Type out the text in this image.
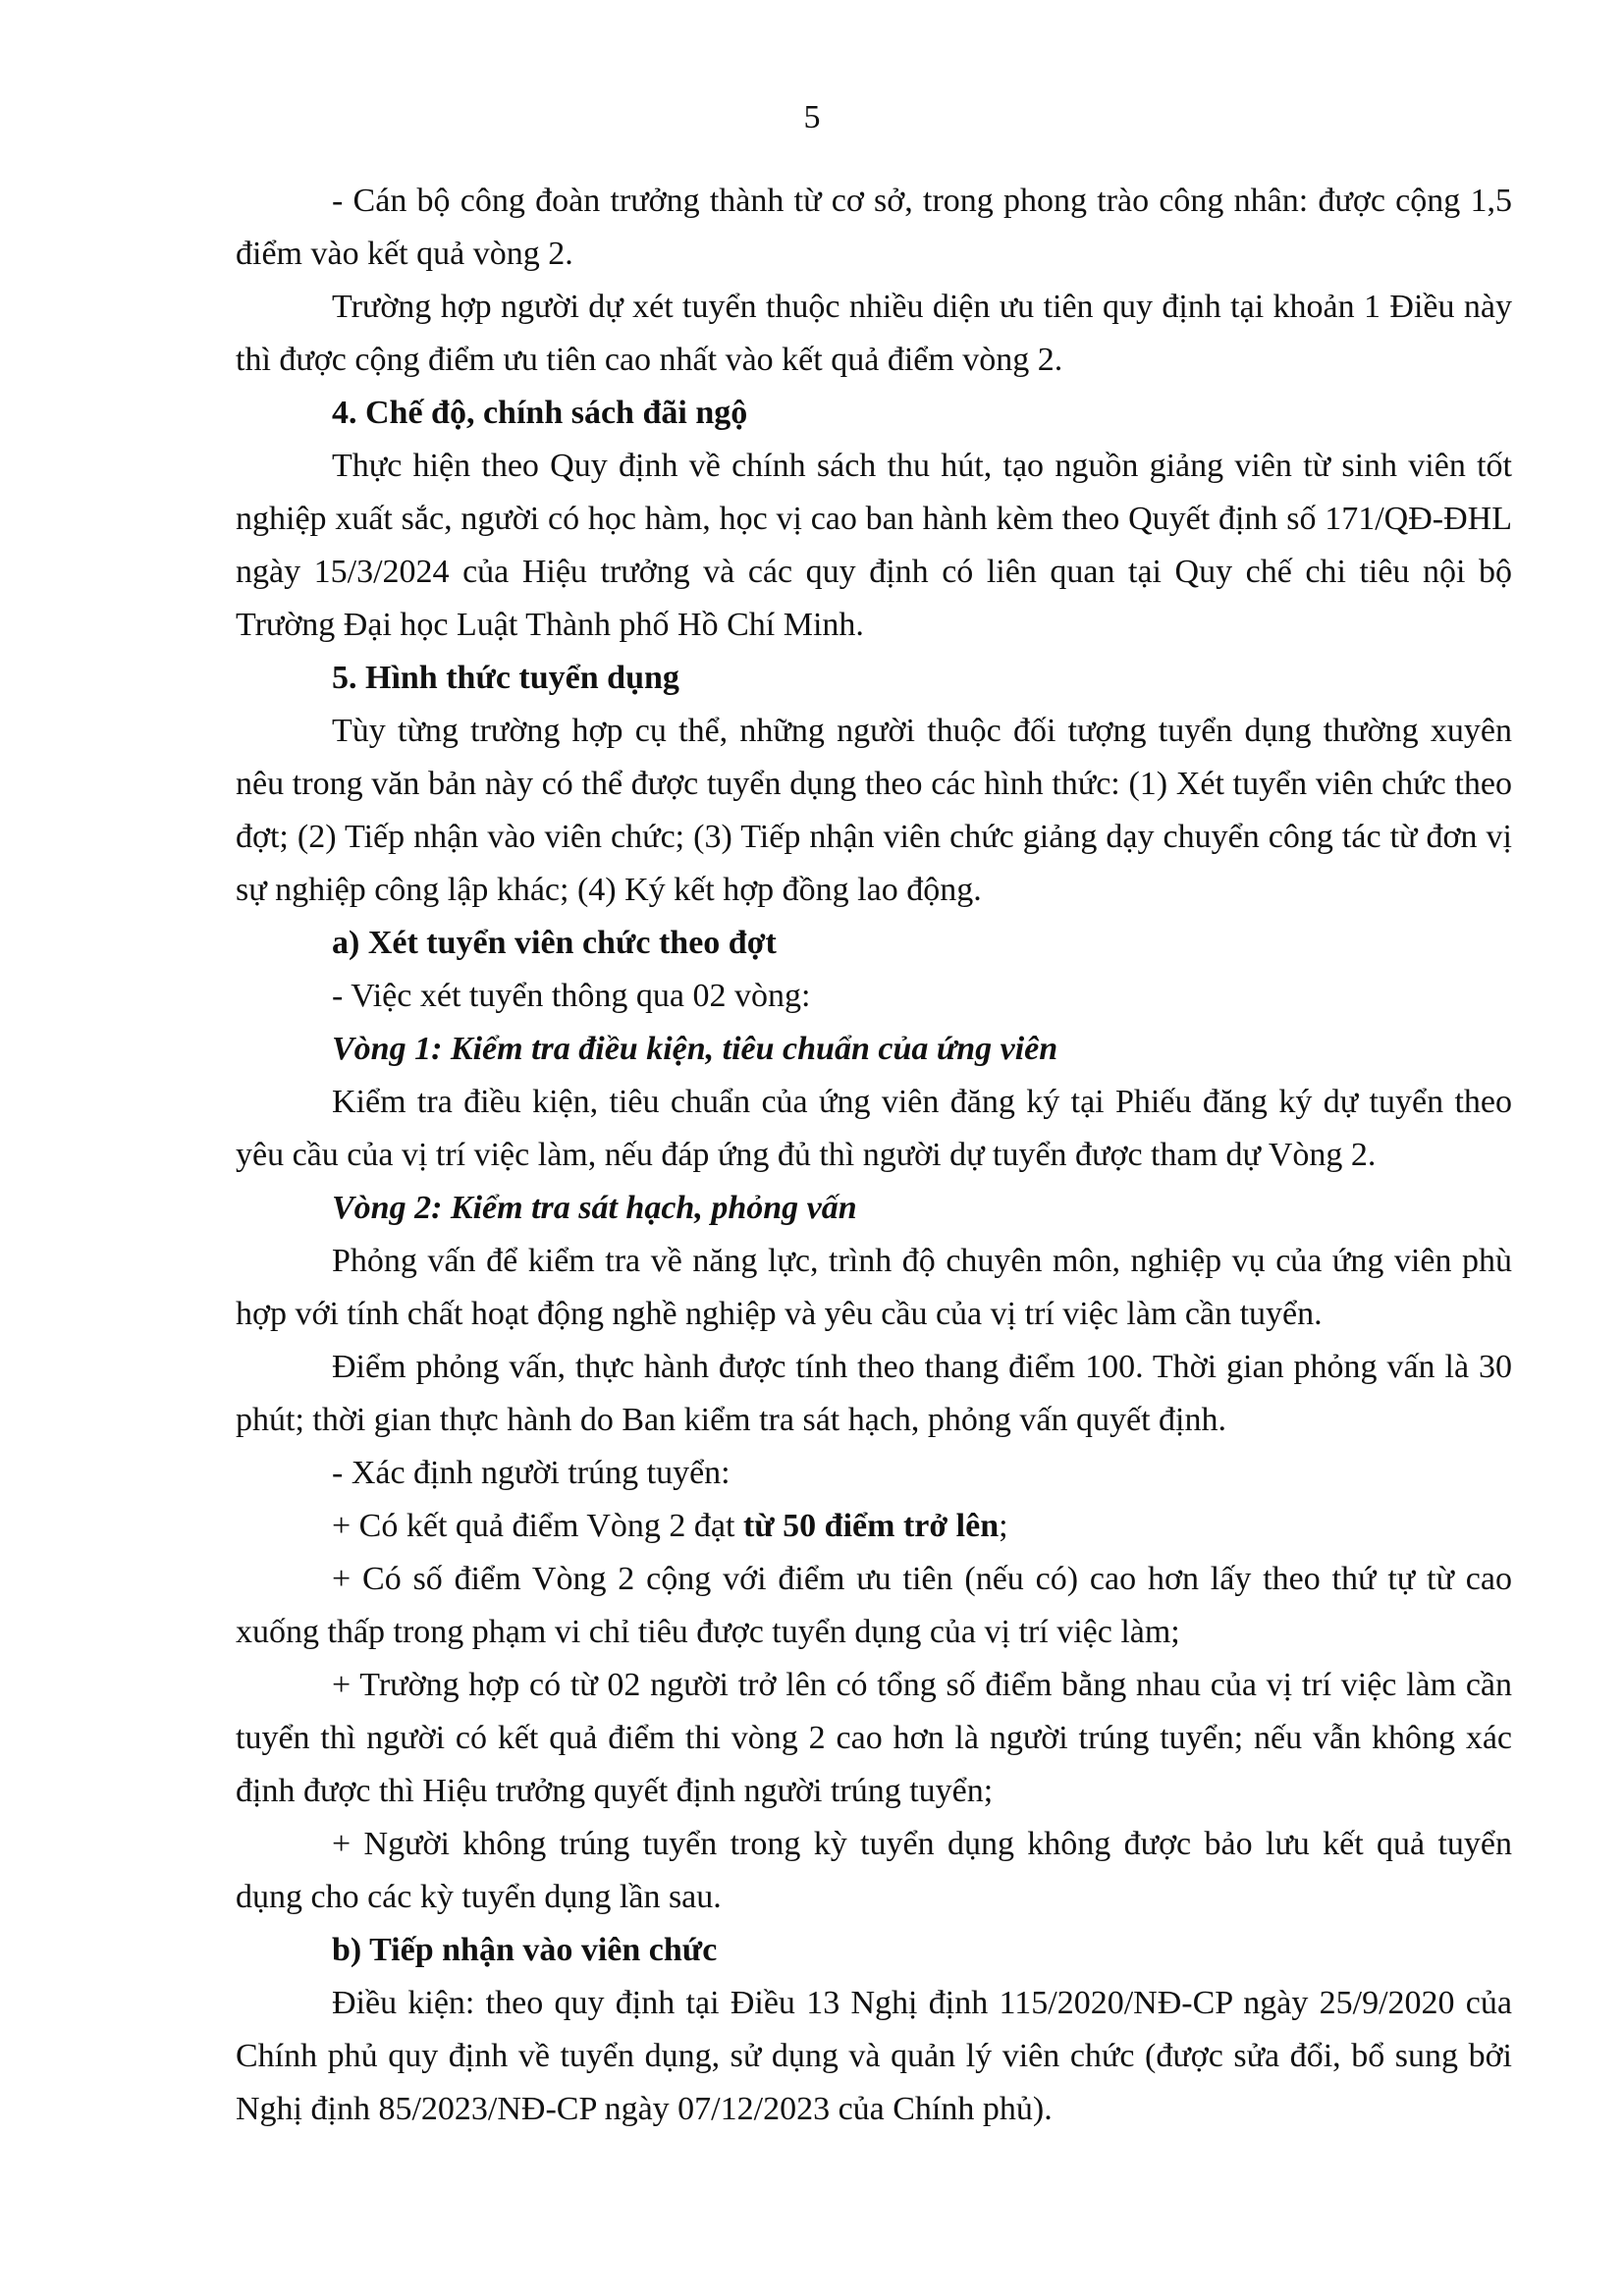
5

- Cán bộ công đoàn trưởng thành từ cơ sở, trong phong trào công nhân: được cộng 1,5 điểm vào kết quả vòng 2.

Trường hợp người dự xét tuyển thuộc nhiều diện ưu tiên quy định tại khoản 1 Điều này thì được cộng điểm ưu tiên cao nhất vào kết quả điểm vòng 2.

4. Chế độ, chính sách đãi ngộ

Thực hiện theo Quy định về chính sách thu hút, tạo nguồn giảng viên từ sinh viên tốt nghiệp xuất sắc, người có học hàm, học vị cao ban hành kèm theo Quyết định số 171/QĐ-ĐHL ngày 15/3/2024 của Hiệu trưởng và các quy định có liên quan tại Quy chế chi tiêu nội bộ Trường Đại học Luật Thành phố Hồ Chí Minh.

5. Hình thức tuyển dụng

Tùy từng trường hợp cụ thể, những người thuộc đối tượng tuyển dụng thường xuyên nêu trong văn bản này có thể được tuyển dụng theo các hình thức: (1) Xét tuyển viên chức theo đợt; (2) Tiếp nhận vào viên chức; (3) Tiếp nhận viên chức giảng dạy chuyển công tác từ đơn vị sự nghiệp công lập khác; (4) Ký kết hợp đồng lao động.

a) Xét tuyển viên chức theo đợt

- Việc xét tuyển thông qua 02 vòng:

Vòng 1: Kiểm tra điều kiện, tiêu chuẩn của ứng viên

Kiểm tra điều kiện, tiêu chuẩn của ứng viên đăng ký tại Phiếu đăng ký dự tuyển theo yêu cầu của vị trí việc làm, nếu đáp ứng đủ thì người dự tuyển được tham dự Vòng 2.

Vòng 2: Kiểm tra sát hạch, phỏng vấn

Phỏng vấn để kiểm tra về năng lực, trình độ chuyên môn, nghiệp vụ của ứng viên phù hợp với tính chất hoạt động nghề nghiệp và yêu cầu của vị trí việc làm cần tuyển.

Điểm phỏng vấn, thực hành được tính theo thang điểm 100. Thời gian phỏng vấn là 30 phút; thời gian thực hành do Ban kiểm tra sát hạch, phỏng vấn quyết định.

- Xác định người trúng tuyển:

+ Có kết quả điểm Vòng 2 đạt từ 50 điểm trở lên;

+ Có số điểm Vòng 2 cộng với điểm ưu tiên (nếu có) cao hơn lấy theo thứ tự từ cao xuống thấp trong phạm vi chỉ tiêu được tuyển dụng của vị trí việc làm;

+ Trường hợp có từ 02 người trở lên có tổng số điểm bằng nhau của vị trí việc làm cần tuyển thì người có kết quả điểm thi vòng 2 cao hơn là người trúng tuyển; nếu vẫn không xác định được thì Hiệu trưởng quyết định người trúng tuyển;

+ Người không trúng tuyển trong kỳ tuyển dụng không được bảo lưu kết quả tuyển dụng cho các kỳ tuyển dụng lần sau.

b) Tiếp nhận vào viên chức

Điều kiện: theo quy định tại Điều 13 Nghị định 115/2020/NĐ-CP ngày 25/9/2020 của Chính phủ quy định về tuyển dụng, sử dụng và quản lý viên chức (được sửa đổi, bổ sung bởi Nghị định 85/2023/NĐ-CP ngày 07/12/2023 của Chính phủ).
